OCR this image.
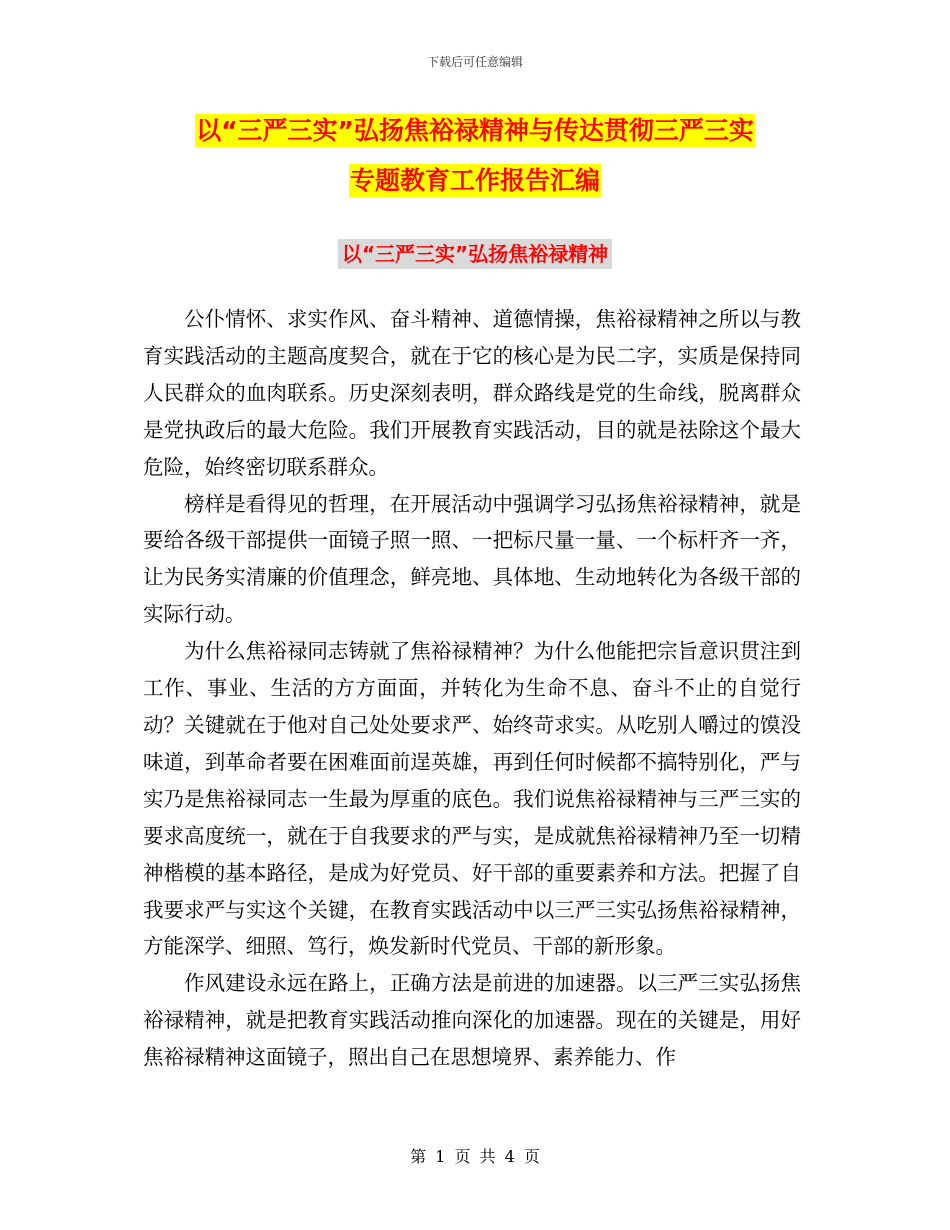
下载后可任意编辑
以“三严三实”弘扬焦裕禄精神与传达贯彻三严三实
专题教育工作报告汇编
以“三严三实”弘扬焦裕禄精神

公仆情怀、求实作风、奋斗精神、道德情操，焦裕禄精神之所以与教育实践活动的主题高度契合，就在于它的核心是为民二字，实质是保持同人民群众的血肉联系。历史深刻表明，群众路线是党的生命线，脱离群众是党执政后的最大危险。我们开展教育实践活动，目的就是祛除这个最大危险，始终密切联系群众。

榜样是看得见的哲理，在开展活动中强调学习弘扬焦裕禄精神，就是要给各级干部提供一面镜子照一照、一把标尺量一量、一个标杆齐一齐，让为民务实清廉的价值理念，鲜亮地、具体地、生动地转化为各级干部的实际行动。

为什么焦裕禄同志铸就了焦裕禄精神？为什么他能把宗旨意识贯注到工作、事业、生活的方方面面，并转化为生命不息、奋斗不止的自觉行动？关键就在于他对自己处处要求严、始终苛求实。从吃别人嚼过的馍没味道，到革命者要在困难面前逞英雄，再到任何时候都不搞特别化，严与实乃是焦裕禄同志一生最为厚重的底色。我们说焦裕禄精神与三严三实的要求高度统一，就在于自我要求的严与实，是成就焦裕禄精神乃至一切精神楷模的基本路径，是成为好党员、好干部的重要素养和方法。把握了自我要求严与实这个关键，在教育实践活动中以三严三实弘扬焦裕禄精神，方能深学、细照、笃行，焕发新时代党员、干部的新形象。

作风建设永远在路上，正确方法是前进的加速器。以三严三实弘扬焦裕禄精神，就是把教育实践活动推向深化的加速器。现在的关键是，用好焦裕禄精神这面镜子，照出自己在思想境界、素养能力、作

第 1 页 共 4 页
